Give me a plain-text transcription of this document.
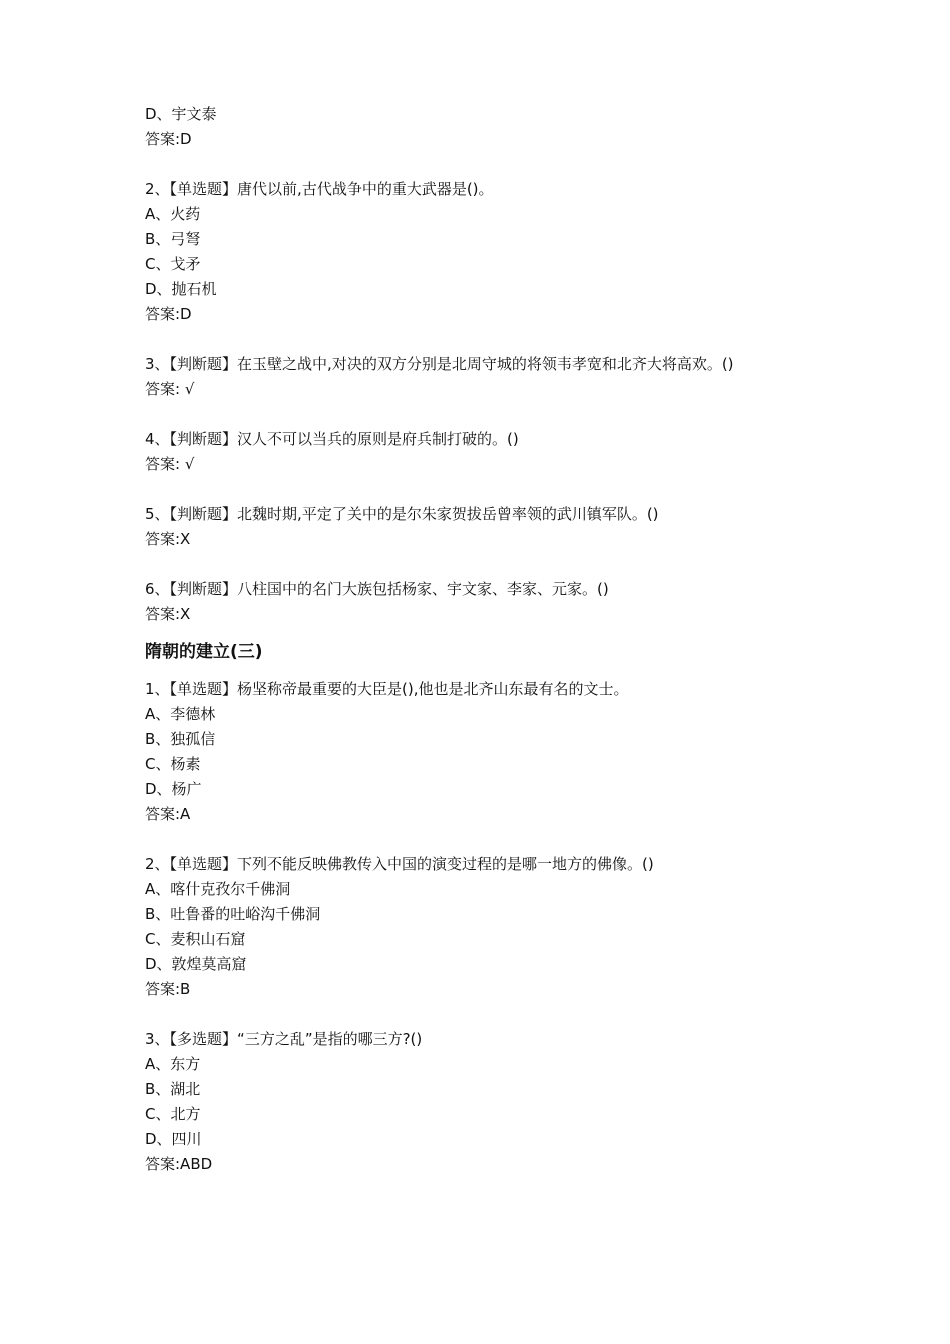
D、宇文泰
答案:D
2、【单选题】唐代以前,古代战争中的重大武器是()。
A、火药
B、弓弩
C、戈矛
D、抛石机
答案:D
3、【判断题】在玉壁之战中,对决的双方分别是北周守城的将领韦孝宽和北齐大将高欢。()
答案: √
4、【判断题】汉人不可以当兵的原则是府兵制打破的。()
答案: √
5、【判断题】北魏时期,平定了关中的是尔朱家贺拔岳曾率领的武川镇军队。()
答案:X
6、【判断题】八柱国中的名门大族包括杨家、宇文家、李家、元家。()
答案:X
隋朝的建立(三)
1、【单选题】杨坚称帝最重要的大臣是(),他也是北齐山东最有名的文士。
A、李德林
B、独孤信
C、杨素
D、杨广
答案:A
2、【单选题】下列不能反映佛教传入中国的演变过程的是哪一地方的佛像。()
A、喀什克孜尔千佛洞
B、吐鲁番的吐峪沟千佛洞
C、麦积山石窟
D、敦煌莫高窟
答案:B
3、【多选题】“三方之乱”是指的哪三方?()
A、东方
B、湖北
C、北方
D、四川
答案:ABD
